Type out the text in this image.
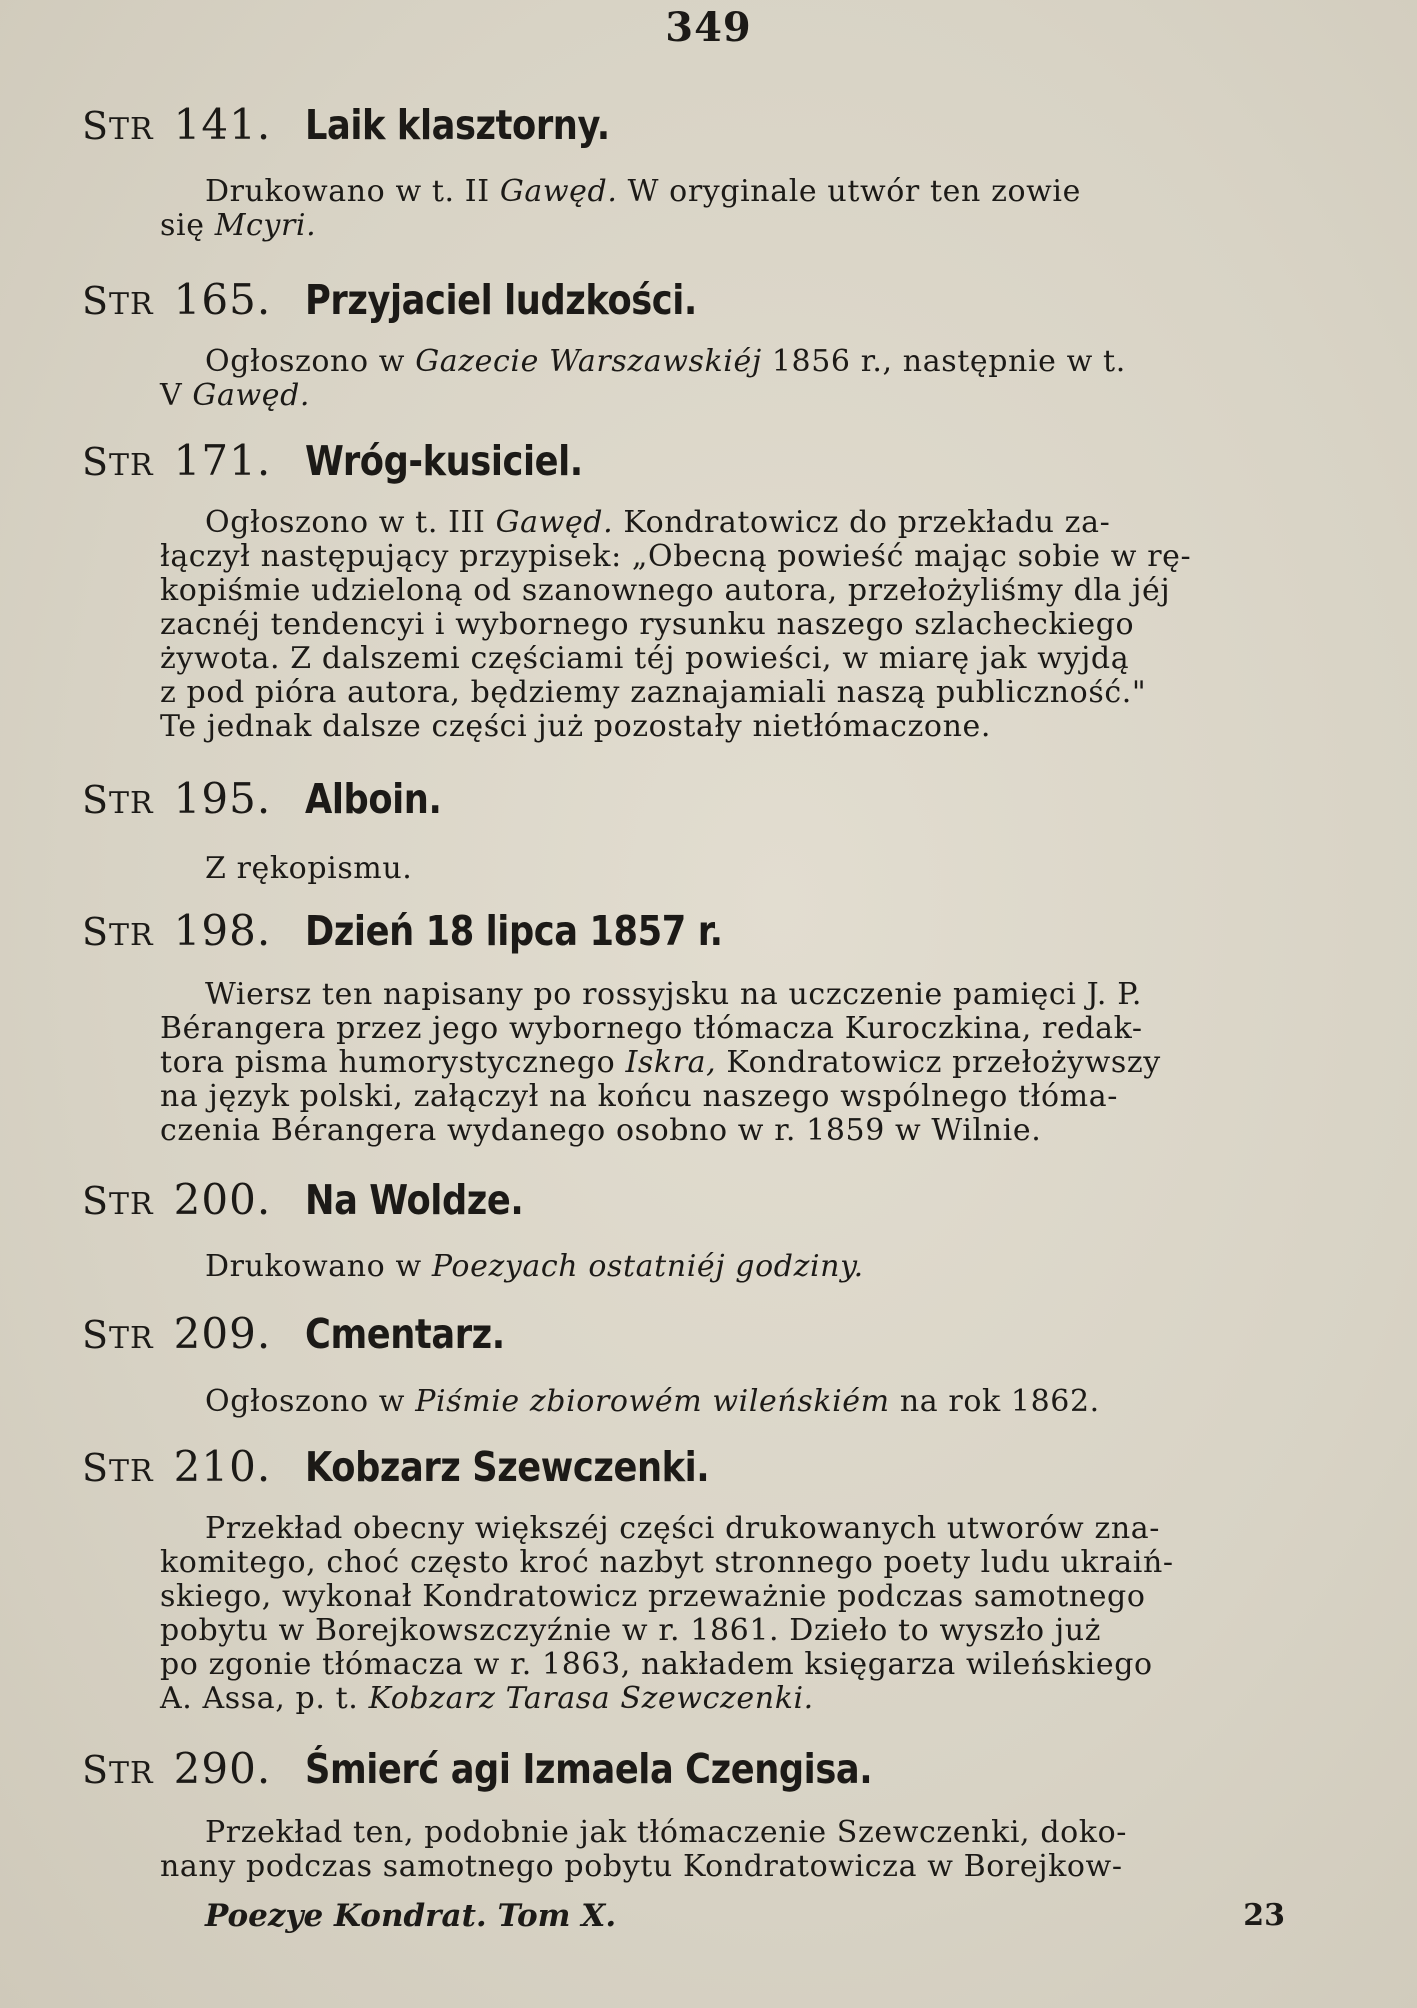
349
STR 141. Laik klasztorny.
Drukowano w t. II Gawęd. W oryginale utwór ten zowie
się Mcyri.
STR 165. Przyjaciel ludzkości.
Ogłoszono w Gazecie Warszawskiéj 1856 r., następnie w t.
V Gawęd.
STR 171. Wróg-kusiciel.
Ogłoszono w t. III Gawęd. Kondratowicz do przekładu za-
łączył następujący przypisek: „Obecną powieść mając sobie w rę-
kopiśmie udzieloną od szanownego autora, przełożyliśmy dla jéj
zacnéj tendencyi i wybornego rysunku naszego szlacheckiego
żywota. Z dalszemi częściami téj powieści, w miarę jak wyjdą
z pod pióra autora, będziemy zaznajamiali naszą publiczność."
Te jednak dalsze części już pozostały nietłómaczone.
STR 195. Alboin.
Z rękopismu.
STR 198. Dzień 18 lipca 1857 r.
Wiersz ten napisany po rossyjsku na uczczenie pamięci J. P.
Bérangera przez jego wybornego tłómacza Kuroczkina, redak-
tora pisma humorystycznego Iskra, Kondratowicz przełożywszy
na język polski, załączył na końcu naszego wspólnego tłóma-
czenia Bérangera wydanego osobno w r. 1859 w Wilnie.
STR 200. Na Woldze.
Drukowano w Poezyach ostatniéj godziny.
STR 209. Cmentarz.
Ogłoszono w Piśmie zbiorowém wileńskiém na rok 1862.
STR 210. Kobzarz Szewczenki.
Przekład obecny większéj części drukowanych utworów zna-
komitego, choć często kroć nazbyt stronnego poety ludu ukraiń-
skiego, wykonał Kondratowicz przeważnie podczas samotnego
pobytu w Borejkowszczyźnie w r. 1861. Dzieło to wyszło już
po zgonie tłómacza w r. 1863, nakładem księgarza wileńskiego
A. Assa, p. t. Kobzarz Tarasa Szewczenki.
STR 290. Śmierć agi Izmaela Czengisa.
Przekład ten, podobnie jak tłómaczenie Szewczenki, doko-
nany podczas samotnego pobytu Kondratowicza w Borejkow-
Poezye Kondrat. Tom X.	23
